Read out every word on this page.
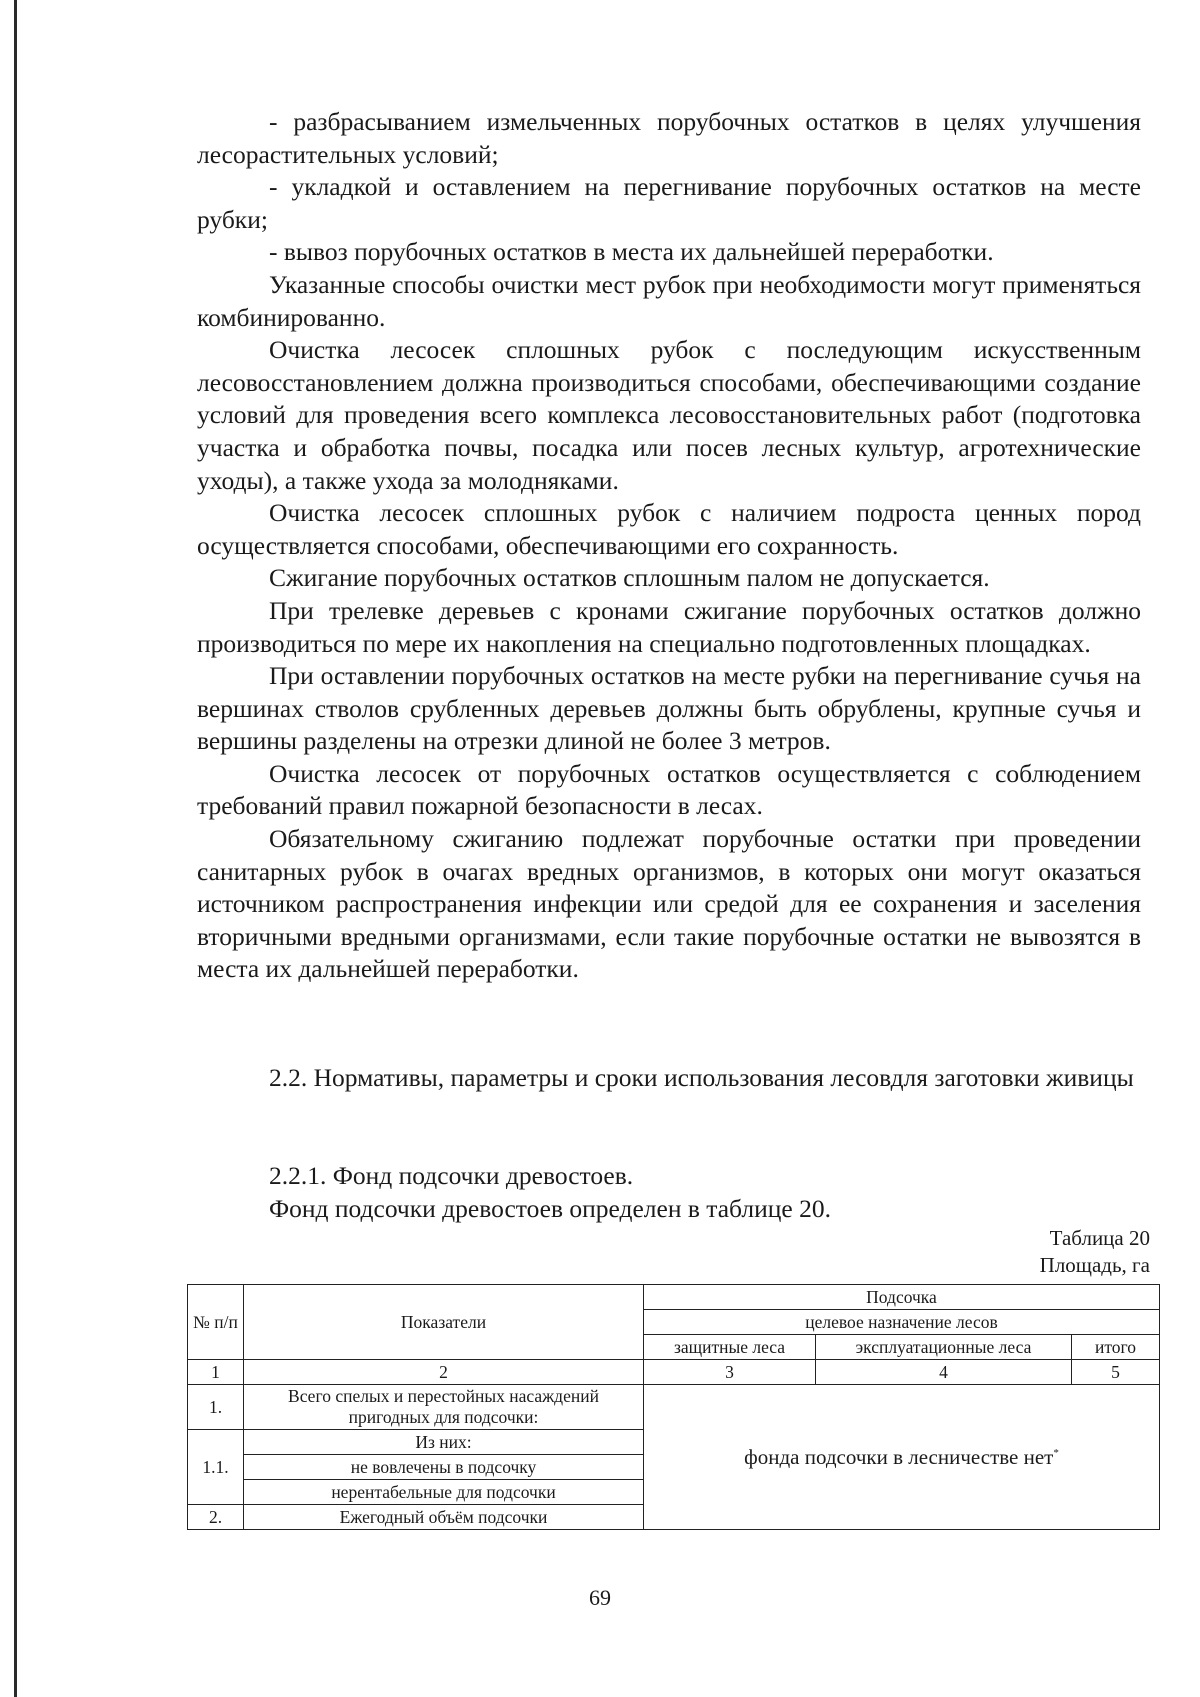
- разбрасыванием измельченных порубочных остатков в целях улучшения лесорастительных условий;

- укладкой и оставлением на перегнивание порубочных остатков на месте рубки;

- вывоз порубочных остатков в места их дальнейшей переработки.

Указанные способы очистки мест рубок при необходимости могут применяться комбинированно.

Очистка лесосек сплошных рубок с последующим искусственным лесовосстановлением должна производиться способами, обеспечивающими создание условий для проведения всего комплекса лесовосстановительных работ (подготовка участка и обработка почвы, посадка или посев лесных культур, агротехнические уходы), а также ухода за молодняками.

Очистка лесосек сплошных рубок с наличием подроста ценных пород осуществляется способами, обеспечивающими его сохранность.

Сжигание порубочных остатков сплошным палом не допускается.

При трелевке деревьев с кронами сжигание порубочных остатков должно производиться по мере их накопления на специально подготовленных площадках.

При оставлении порубочных остатков на месте рубки на перегнивание сучья на вершинах стволов срубленных деревьев должны быть обрублены, крупные сучья и вершины разделены на отрезки длиной не более 3 метров.

Очистка лесосек от порубочных остатков осуществляется с соблюдением требований правил пожарной безопасности в лесах.

Обязательному сжиганию подлежат порубочные остатки при проведении санитарных рубок в очагах вредных организмов, в которых они могут оказаться источником распространения инфекции или средой для ее сохранения и заселения вторичными вредными организмами, если такие порубочные остатки не вывозятся в места их дальнейшей переработки.

2.2. Нормативы, параметры и сроки использования лесовдля заготовки живицы

2.2.1. Фонд подсочки древостоев.

Фонд подсочки древостоев определен в таблице 20.

Таблица 20
Площадь, га
№ п/п	Показатели	Подсочка		
		целевое назначение лесов		
		защитные леса	эксплуатационные леса	итого
1	2	3	4	5
1.	Всего спелых и перестойных насаждений пригодных для подсочки:	фонда подсочки в лесничестве нет*
1.1.	Из них:			
	не вовлечены в подсочку			
	нерентабельные для подсочки			
2.	Ежегодный объём подсочки			
69
